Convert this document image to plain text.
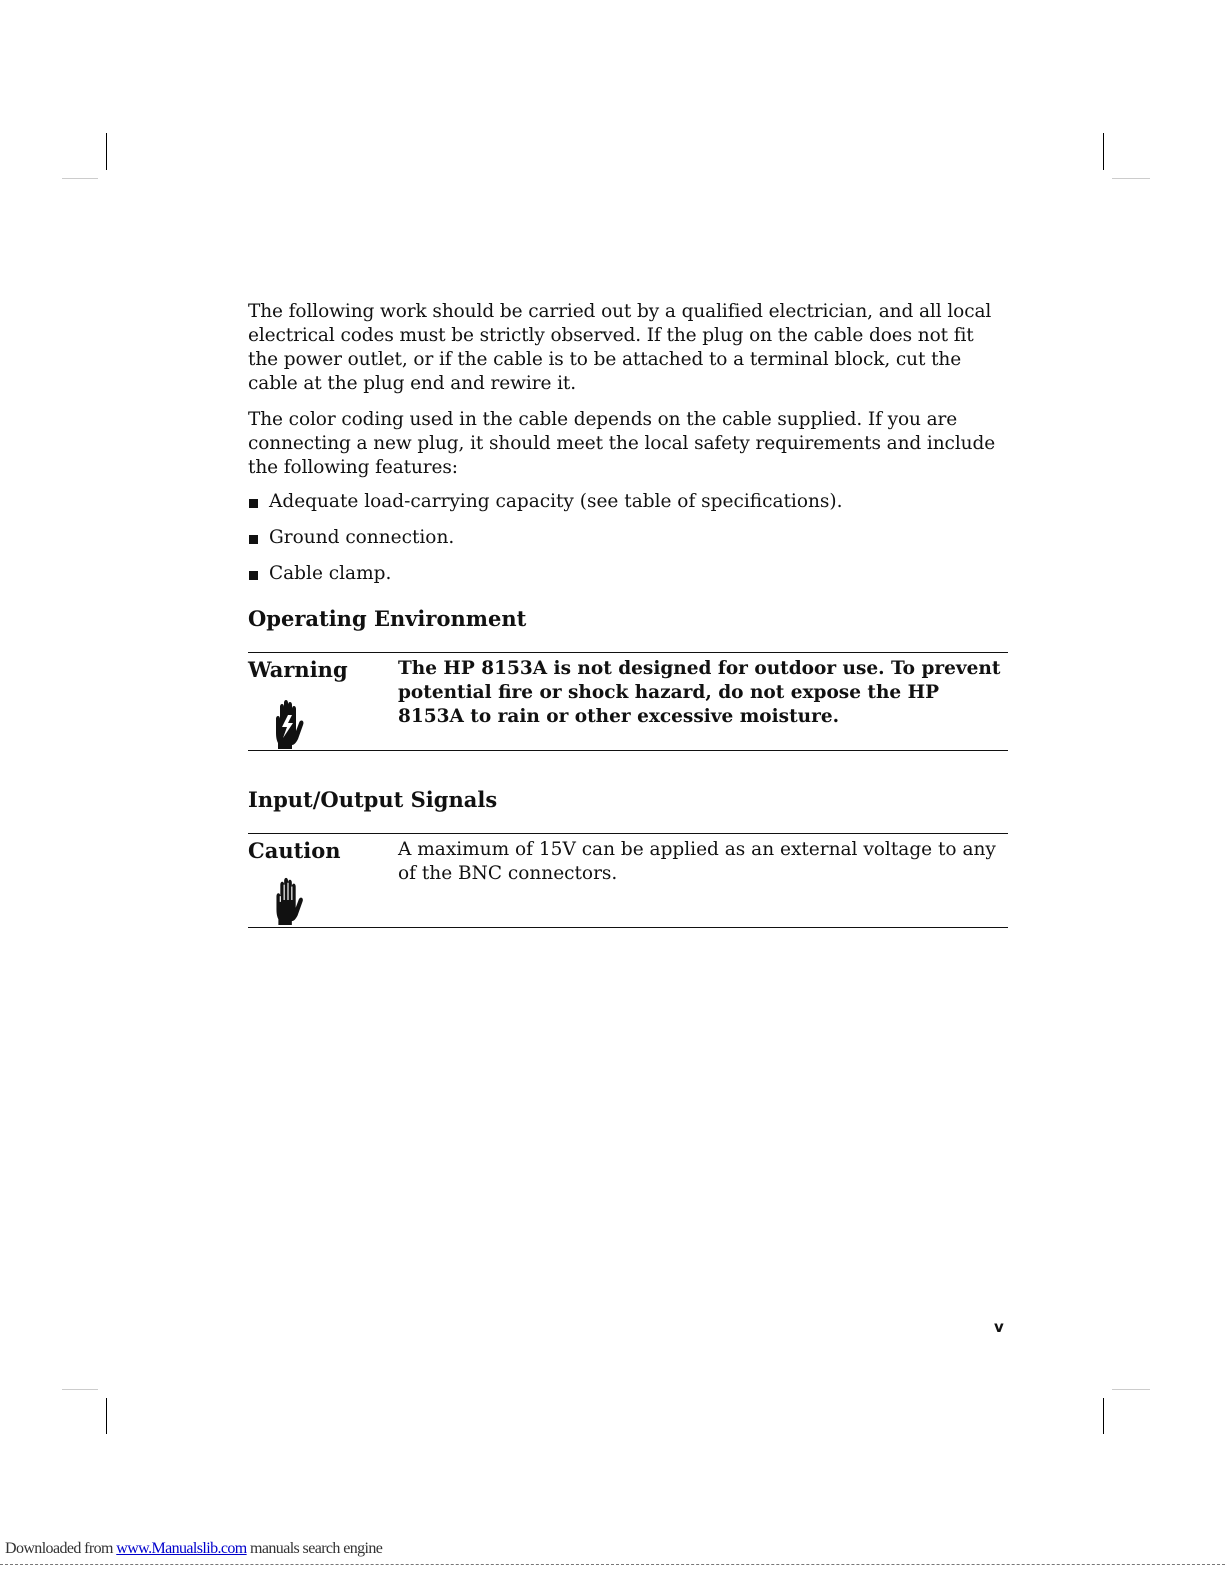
The following work should be carried out by a qualified electrician, and all local electrical codes must be strictly observed. If the plug on the cable does not fit the power outlet, or if the cable is to be attached to a terminal block, cut the cable at the plug end and rewire it.

The color coding used in the cable depends on the cable supplied. If you are connecting a new plug, it should meet the local safety requirements and include the following features:

Adequate load-carrying capacity (see table of specifications).
Ground connection.
Cable clamp.
Operating Environment
Warning	The HP 8153A is not designed for outdoor use. To prevent potential fire or shock hazard, do not expose the HP 8153A to rain or other excessive moisture.
Input/Output Signals
Caution	A maximum of 15V can be applied as an external voltage to any of the BNC connectors.
v
Downloaded from www.Manualslib.com manuals search engine
